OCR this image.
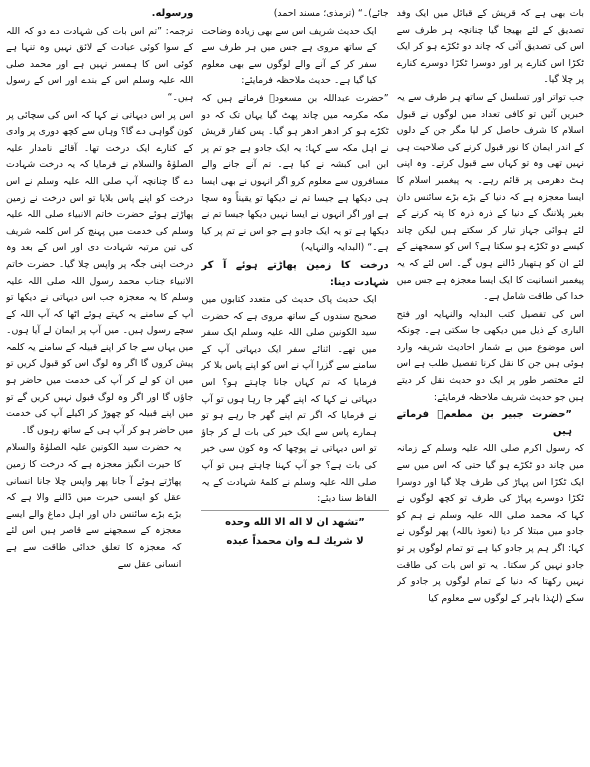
بات بھی ہے کہ قریش کے قبائل میں ایک وفد تصدیق کے لئے بھیجا گیا چنانچہ ہر طرف سے اس کی تصدیق آئی کہ چاند دو ٹکڑے ہو کر ایک ٹکڑا اس کنارے پر اور دوسرا ٹکڑا دوسرے کنارے پر چلا گیا۔

جب تواتر اور تسلسل کے ساتھ ہر طرف سے یہ خبریں آئیں تو کافی تعداد میں لوگوں نے قبول اسلام کا شرف حاصل کر لیا مگر جن کے دلوں کے اندر ایمان کا نور قبول کرنے کی صلاحیت ہی نہیں تھی وہ تو کہاں سے قبول کرتے۔ وہ اپنی ہٹ دھرمی پر قائم رہے۔ یہ پیغمبر اسلام کا ایسا معجزہ ہے کہ دنیا کے بڑے بڑے سائنس دان بغیر پلاننگ کے دنیا کے ذرہ ذرہ کا پتہ کرنے کے لئے ہوائی جہاز تیار کر سکتے ہیں لیکن چاند کیسے دو ٹکڑے ہو سکتا ہے؟ اس کو سمجھنے کے لئے ان کو ہتھیار ڈالنے ہوں گے۔ اس لئے کہ یہ پیغمبر انسانیت کا ایک ایسا معجزہ ہے جس میں خدا کی طاقت شامل ہے۔

اس کی تفصیل کتب البدایہ والنہایہ اور فتح الباری کے ذیل میں دیکھی جا سکتی ہے۔ چونکہ اس موضوع میں بے شمار احادیث شریفہ وارد ہوئی ہیں جن کا نقل کرنا تفصیل طلب ہے اس لئے مختصر طور پر ایک دو حدیث نقل کر دیتے ہیں جو حدیث شریف ملاحظہ فرمایئے:

”حضرت جبیر بن مطعمؓ فرماتے ہیں

کہ رسول اکرم صلی اللہ علیہ وسلم کے زمانہ میں چاند دو ٹکڑے ہو گیا حتی کہ اس میں سے ایک ٹکڑا اس پہاڑ کی طرف چلا گیا اور دوسرا ٹکڑا دوسرے پہاڑ کی طرف تو کچھ لوگوں نے کہا کہ محمد صلی اللہ علیہ وسلم نے ہم کو جادو میں مبتلا کر دیا (نعوذ باللہ) پھر لوگوں نے کہا: اگر ہم پر جادو کیا ہے تو تمام لوگوں پر تو جادو نہیں کر سکتا۔ یہ تو اس بات کی طاقت نہیں رکھتا کہ دنیا کے تمام لوگوں پر جادو کر سکے (لہٰذا باہر کے لوگوں سے معلوم کیا

جائے)۔“ (ترمذی؛ مسند احمد)

ایک حدیث شریف اس سے بھی زیادہ وضاحت کے ساتھ مروی ہے جس میں ہر طرف سے سفر کر کے آنے والے لوگوں سے بھی معلوم کیا گیا ہے۔ حدیث ملاحظہ فرمایئے:

”حضرت عبداللہ بن مسعودؓ فرماتے ہیں کہ مکہ مکرمہ میں چاند پھٹ گیا یہاں تک کہ دو ٹکڑے ہو کر ادھر ادھر ہو گیا۔ پس کفار قریش نے اہل مکہ سے کہا: یہ ایک جادو ہے جو تم پر ابن ابی کبشہ نے کیا ہے۔ تم آنے جانے والے مسافروں سے معلوم کرو اگر انہوں نے بھی ایسا ہی دیکھا ہے جیسا تم نے دیکھا تو یقیناً وہ سچا ہے اور اگر انہوں نے ایسا نہیں دیکھا جیسا تم نے دیکھا ہے تو یہ ایک جادو ہے جو اس نے تم پر کیا ہے۔“ (البدایہ والنہایہ)

درخت کا زمین پھاڑتے ہوئے آ کر شہادت دینا:

ایک حدیث پاک حدیث کی متعدد کتابوں میں صحیح سندوں کے ساتھ مروی ہے کہ حضرت سید الکونین صلی اللہ علیہ وسلم ایک سفر میں تھے۔ اثنائے سفر ایک دیہاتی آپ کے سامنے سے گزرا آپ نے اس کو اپنے پاس بلا کر فرمایا کہ تم کہاں جانا چاہتے ہو؟ اس دیہاتی نے کہا کہ اپنے گھر جا رہا ہوں تو آپ نے فرمایا کہ اگر تم اپنے گھر جا رہے ہو تو ہمارے پاس سے ایک خیر کی بات لے کر جاؤ تو اس دیہاتی نے پوچھا کہ وہ کون سی خیر کی بات ہے؟ جو آپ کہنا چاہتے ہیں تو آپ صلی اللہ علیہ وسلم نے کلمۂ شہادت کے یہ الفاظ سنا دیئے:

”تشهد ان لا اله الا الله وحده
لا شريك لـه وان محمداً عبده

ورسوله.

ترجمہ: ”تم اس بات کی شہادت دے دو کہ اللہ کے سوا کوئی عبادت کے لائق نہیں وہ تنہا ہے کوئی اس کا ہمسر نہیں ہے اور محمد صلی اللہ علیہ وسلم اس کے بندے اور اس کے رسول ہیں۔“

اس پر اس دیہاتی نے کہا کہ اس کی سچائی پر کون گواہی دے گا؟ وہاں سے کچھ دوری پر وادی کے کنارے ایک درخت تھا۔ آقائے نامدار علیہ الصلوٰۃ والسلام نے فرمایا کہ یہ درخت شہادت دے گا چنانچہ آپ صلی اللہ علیہ وسلم نے اس درخت کو اپنے پاس بلایا تو اس درخت نے زمین پھاڑتے ہوئے حضرت خاتم الانبیاء صلی اللہ علیہ وسلم کی خدمت میں پہنچ کر اس کلمہ شریف کی تین مرتبہ شہادت دی اور اس کے بعد وہ درخت اپنی جگہ پر واپس چلا گیا۔ حضرت خاتم الانبیاء جناب محمد رسول اللہ صلی اللہ علیہ وسلم کا یہ معجزہ جب اس دیہاتی نے دیکھا تو آپ کے سامنے یہ کہتے ہوئے اٹھا کہ آپ اللہ کے سچے رسول ہیں۔ میں آپ پر ایمان لے آیا ہوں۔ میں یہاں سے جا کر اپنے قبیلہ کے سامنے یہ کلمہ پیش کروں گا اگر وہ لوگ اس کو قبول کریں تو میں ان کو لے کر آپ کی خدمت میں حاضر ہو جاؤں گا اور اگر وہ لوگ قبول نہیں کریں گے تو میں اپنے قبیلہ کو چھوڑ کر اکیلے آپ کی خدمت میں حاضر ہو کر آپ ہی کے ساتھ رہوں گا۔

یہ حضرت سید الکونین علیہ الصلوٰۃ والسلام کا حیرت انگیز معجزہ ہے کہ درخت کا زمین پھاڑتے ہوئے آ جانا پھر واپس چلا جانا انسانی عقل کو ایسی حیرت میں ڈالنے والا ہے کہ بڑے بڑے سائنس داں اور اہل دماغ والے ایسے معجزہ کے سمجھنے سے قاصر ہیں اس لئے کہ معجزہ کا تعلق خدائی طاقت سے ہے انسانی عقل سے
